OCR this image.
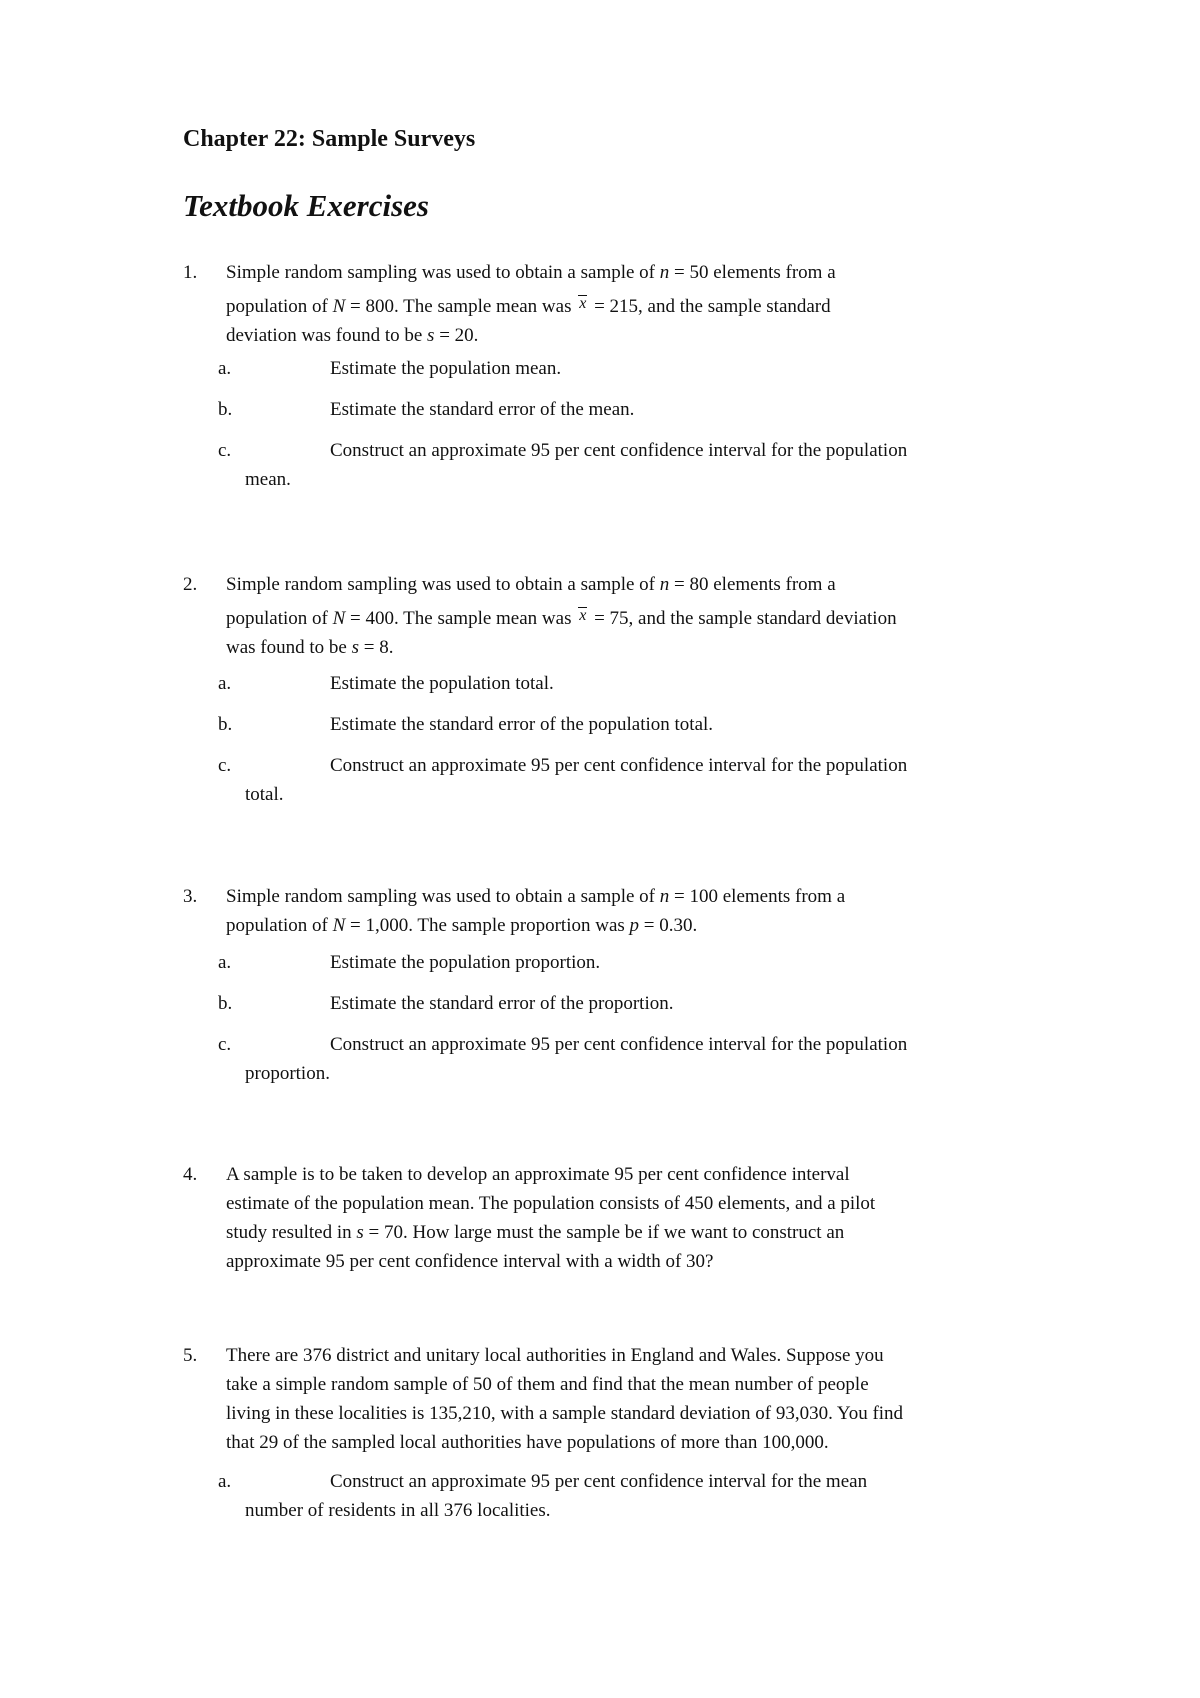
Chapter 22: Sample Surveys
Textbook Exercises
1. Simple random sampling was used to obtain a sample of n = 50 elements from a
population of N = 800. The sample mean was $^x$ = 215, and the sample standard
deviation was found to be s = 20.
a.	Estimate the population mean.
b.	Estimate the standard error of the mean.
c.	Construct an approximate 95 per cent confidence interval for the population
mean.
2. Simple random sampling was used to obtain a sample of n = 80 elements from a
population of N = 400. The sample mean was $^x$ = 75, and the sample standard deviation
was found to be s = 8.
a.	Estimate the population total.
b.	Estimate the standard error of the population total.
c.	Construct an approximate 95 per cent confidence interval for the population
total.
3. Simple random sampling was used to obtain a sample of n = 100 elements from a
population of N = 1,000. The sample proportion was p = 0.30.
a.	Estimate the population proportion.
b.	Estimate the standard error of the proportion.
c.	Construct an approximate 95 per cent confidence interval for the population
proportion.
4. A sample is to be taken to develop an approximate 95 per cent confidence interval
estimate of the population mean. The population consists of 450 elements, and a pilot
study resulted in s = 70. How large must the sample be if we want to construct an
approximate 95 per cent confidence interval with a width of 30?
5. There are 376 district and unitary local authorities in England and Wales. Suppose you
take a simple random sample of 50 of them and find that the mean number of people
living in these localities is 135,210, with a sample standard deviation of 93,030. You find
that 29 of the sampled local authorities have populations of more than 100,000.
a.	Construct an approximate 95 per cent confidence interval for the mean
number of residents in all 376 localities.
